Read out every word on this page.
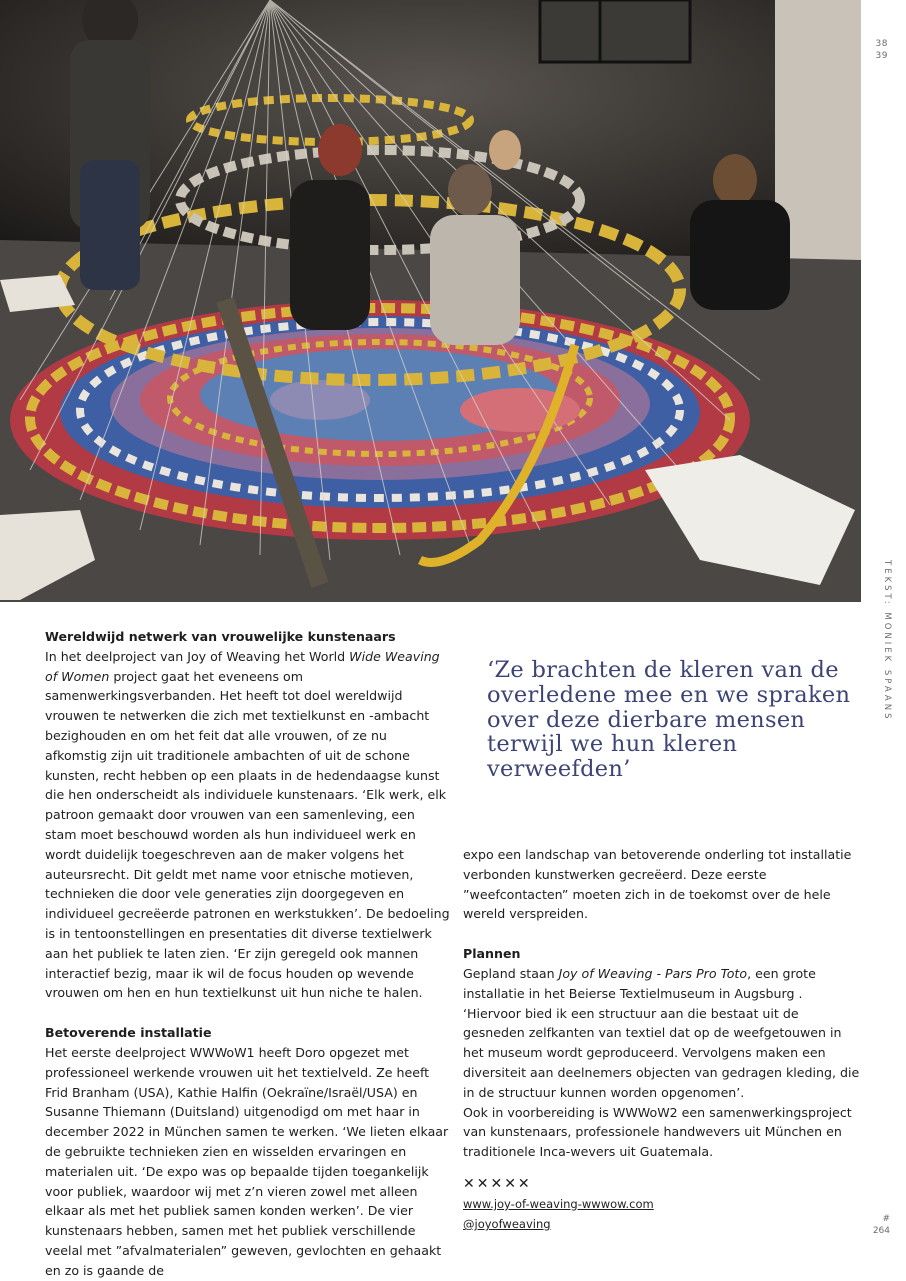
38
39
TEKST: MONIEK SPAANS
#
264
Wereldwijd netwerk van vrouwelijke kunstenaars

In het deelproject van Joy of Weaving het World Wide Weaving of Women project gaat het eveneens om samenwerkingsverbanden. Het heeft tot doel wereldwijd vrouwen te netwerken die zich met textielkunst en -ambacht bezighouden en om het feit dat alle vrouwen, of ze nu afkomstig zijn uit traditionele ambachten of uit de schone kunsten, recht hebben op een plaats in de hedendaagse kunst die hen onderscheidt als individuele kunstenaars. ‘Elk werk, elk patroon gemaakt door vrouwen van een samenleving, een stam moet beschouwd worden als hun individueel werk en wordt duidelijk toegeschreven aan de maker volgens het auteursrecht. Dit geldt met name voor etnische motieven, technieken die door vele generaties zijn doorgegeven en individueel gecreëerde patronen en werkstukken’. De bedoeling is in tentoonstellingen en presentaties dit diverse textielwerk aan het publiek te laten zien. ‘Er zijn geregeld ook mannen interactief bezig, maar ik wil de focus houden op wevende vrouwen om hen en hun textielkunst uit hun niche te halen.

Betoverende installatie

Het eerste deelproject WWWoW1 heeft Doro opgezet met professioneel werkende vrouwen uit het textielveld. Ze heeft Frid Branham (USA), Kathie Halfin (Oekraïne/Israël/USA) en Susanne Thiemann (Duitsland) uitgenodigd om met haar in december 2022 in München samen te werken. ‘We lieten elkaar de gebruikte technieken zien en wisselden ervaringen en materialen uit. ‘De expo was op bepaalde tijden toegankelijk voor publiek, waardoor wij met z’n vieren zowel met alleen elkaar als met het publiek samen konden werken’. De vier kunstenaars hebben, samen met het publiek verschillende veelal met ”afvalmaterialen” geweven, gevlochten en gehaakt en zo is gaande de

‘Ze brachten de kleren van de overledene mee en we spraken over deze dierbare mensen terwijl we hun kleren verweefden’

expo een landschap van betoverende onderling tot installatie verbonden kunstwerken gecreëerd. Deze eerste ”weefcontacten” moeten zich in de toekomst over de hele wereld verspreiden.

Plannen

Gepland staan Joy of Weaving - Pars Pro Toto, een grote installatie in het Beierse Textielmuseum in Augsburg . ‘Hiervoor bied ik een structuur aan die bestaat uit de gesneden zelfkanten van textiel dat op de weefgetouwen in het museum wordt geproduceerd. Vervolgens maken een diversiteit aan deelnemers objecten van gedragen kleding, die in de structuur kunnen worden opgenomen’.

Ook in voorbereiding is WWWoW2 een samenwerkingsproject van kunstenaars, professionele handwevers uit München en traditionele Inca-wevers uit Guatemala.

✕✕✕✕✕
www.joy-of-weaving-wwwow.com
@joyofweaving
